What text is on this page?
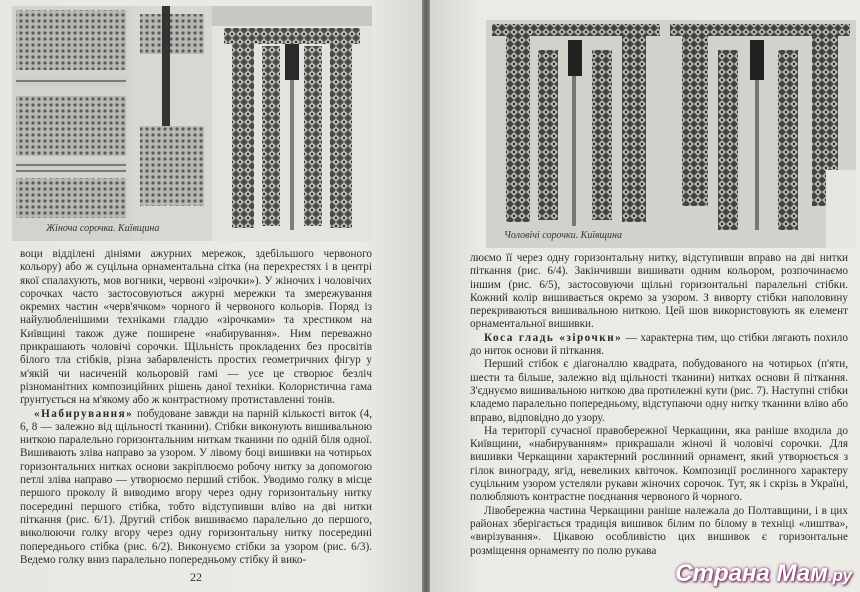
Жіноча сорочка. Київщина

воци відділені дініями ажурних мережок, здебільшого червоного кольору) або ж суцільна орнаментальна сітка (на перехрестях і в центрі якої спалахують, мов вогники, червоні «зірочки»). У жіночих і чоловічих сорочках часто застосовуються ажурні мережки та змережування окремих частин «черв'ячком» чорного й червоного кольорів. Поряд із найулюбленішими техніками гладдю «зірочками» та хрестиком на Київщині також дуже поширене «набирування». Ним переважно прикрашають чоловічі сорочки. Щільність прокладених без просвітів білого тла стібків, різна забарвленість простих геометричних фігур у м'якій чи насиченій кольоровій гамі — усе це створює безліч різноманітних композиційних рішень даної техніки. Колористична гама ґрунтується на м'якому або ж контрастному протиставленні тонів.

«Набирування» побудоване завжди на парній кількості виток (4, 6, 8 — залежно від щільності тканини). Стібки виконують вишивальною ниткою паралельно горизонтальним ниткам тканини по одній біля одної. Вишивають зліва направо за узором. У лівому боці вишивки на чотирьох горизонтальних нитках основи закріплюємо робочу нитку за допомогою петлі зліва направо — утворюємо перший стібок. Уводимо голку в місце першого проколу й виводимо вгору через одну горизонтальну нитку посередині першого стібка, тобто відступивши вліво на дві нитки піткання (рис. 6/1). Другий стібок вишиваємо паралельно до першого, виколюючи голку вгору через одну горизонтальну нитку посередині попереднього стібка (рис. 6/2). Виконуємо стібки за узором (рис. 6/3). Ведемо голку вниз паралельно попередньому стібку й вико-

22
Чоловічі сорочки. Київщина

люємо її через одну горизонтальну нитку, відступивши вправо на дві нитки піткання (рис. 6/4). Закінчивши вишивати одним кольором, розпочинаємо іншим (рис. 6/5), застосовуючи щільні горизонтальні паралельні стібки. Кожний колір вишивається окремо за узором. З виворту стібки наполовину перекриваються вишивальною ниткою. Цей шов використовують як елемент орнаментальної вишивки.

Коса гладь «зірочки» — характерна тим, що стібки лягають похило до ниток основи й піткання.

Перший стібок є діагоналлю квадрата, побудованого на чотирьох (п'яти, шести та більше, залежно від щільності тканини) нитках основи й піткання. З'єднуємо вишивальною ниткою два протилежні кути (рис. 7). Наступні стібки кладемо паралельно попередньому, відступаючи одну нитку тканини вліво або вправо, відповідно до узору.

На території сучасної правобережної Черкащини, яка раніше входила до Київщини, «набируванням» прикрашали жіночі й чоловічі сорочки. Для вишивки Черкащини характерний рослинний орнамент, який утворюється з гілок винограду, ягід, невеликих квіточок. Композиції рослинного характеру суцільним узором устеляли рукави жіночих сорочок. Тут, як і скрізь в Україні, полюбляють контрастне поєднання червоного й чорного.

Лівобережна частина Черкащини раніше належала до Полтавщини, і в цих районах зберігається традиція вишивок білим по білому в техніці «лиштва», «вирізування». Цікавою особливістю цих вишивок є горизонтальне розміщення орнаменту по полю рукава

Страна Мам.ру
